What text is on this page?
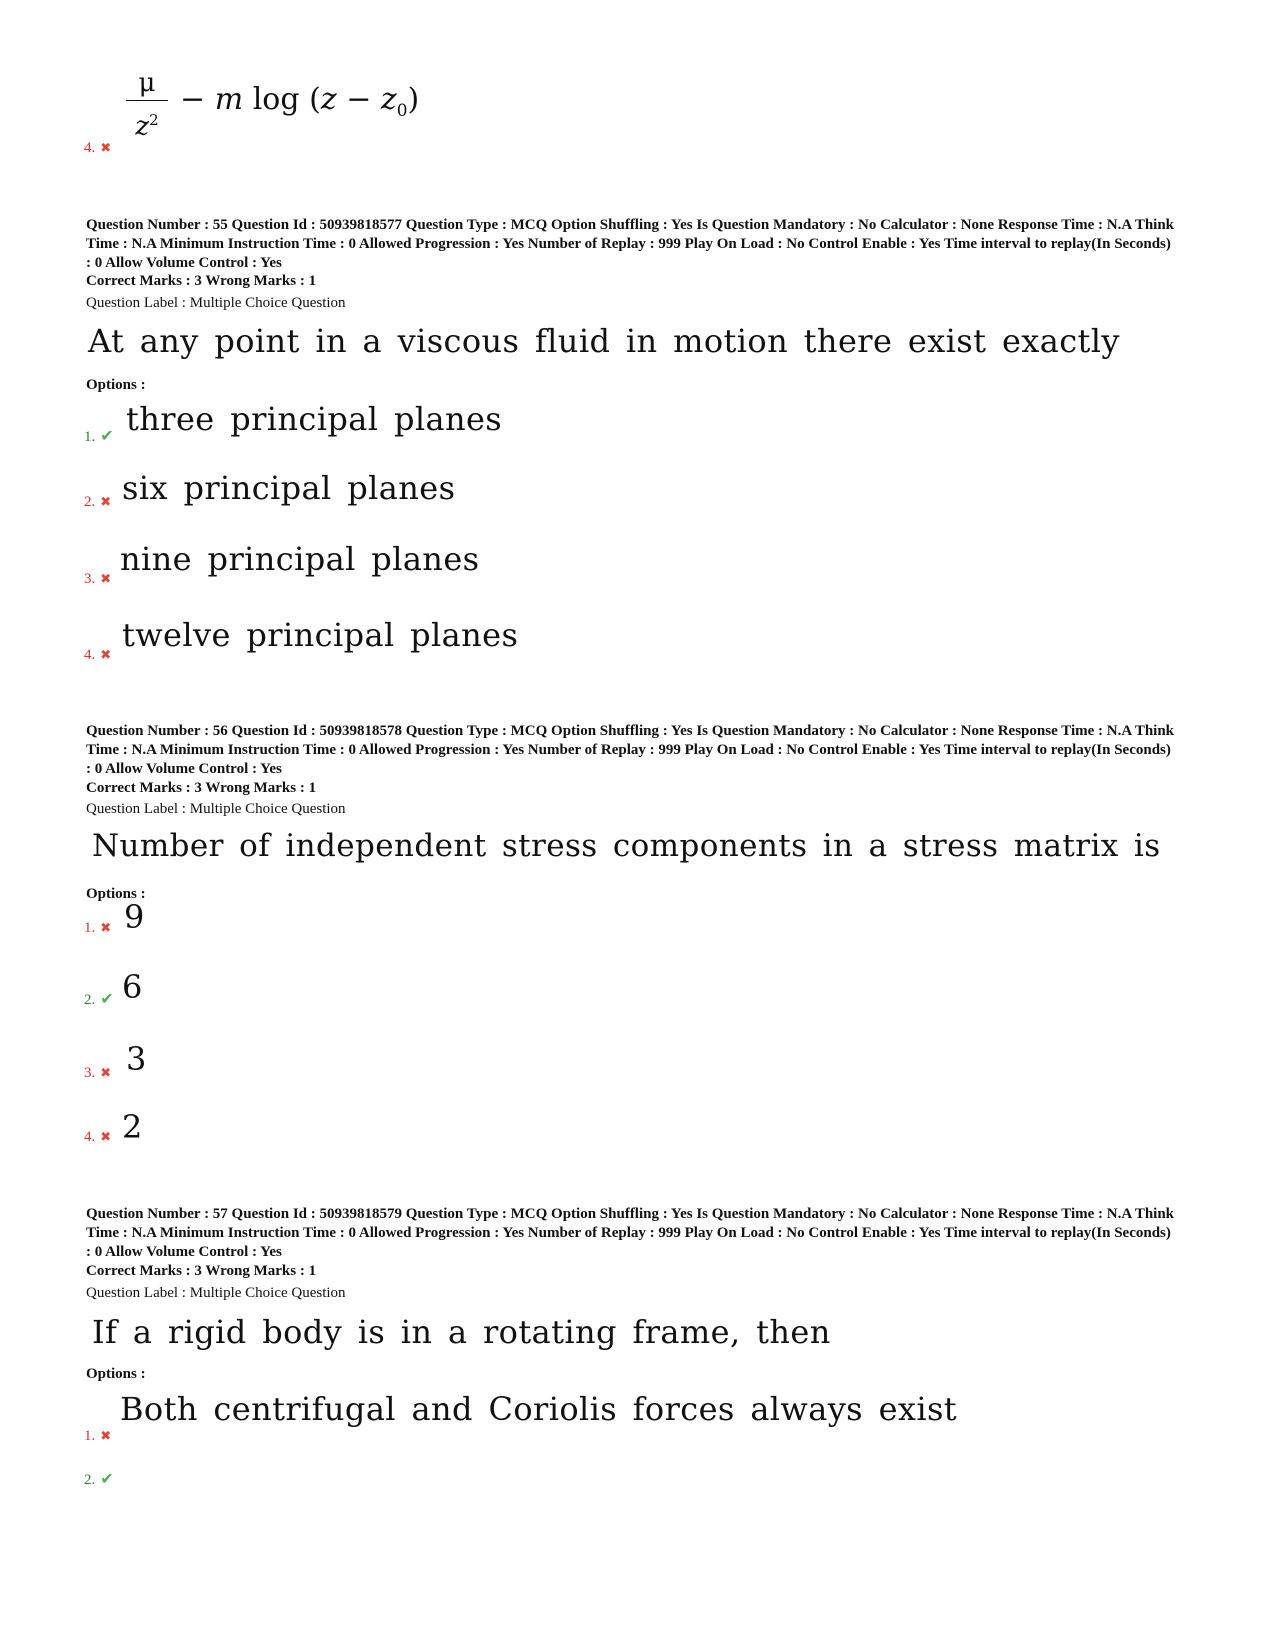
μ
$z^2$
− m $\log (z - z_0)$
4. ✖
Question Number : 55 Question Id : 50939818577 Question Type : MCQ Option Shuffling : Yes Is Question Mandatory : No Calculator : None Response Time : N.A Think Time : N.A Minimum Instruction Time : 0 Allowed Progression : Yes Number of Replay : 999 Play On Load : No Control Enable : Yes Time interval to replay(In Seconds) : 0 Allow Volume Control : Yes
Correct Marks : 3 Wrong Marks : 1
Question Label : Multiple Choice Question
At any point in a viscous fluid in motion there exist exactly
Options :
three principal planes
1. ✔
six principal planes
2. ✖
nine principal planes
3. ✖
twelve principal planes
4. ✖
Question Number : 56 Question Id : 50939818578 Question Type : MCQ Option Shuffling : Yes Is Question Mandatory : No Calculator : None Response Time : N.A Think Time : N.A Minimum Instruction Time : 0 Allowed Progression : Yes Number of Replay : 999 Play On Load : No Control Enable : Yes Time interval to replay(In Seconds) : 0 Allow Volume Control : Yes
Correct Marks : 3 Wrong Marks : 1
Question Label : Multiple Choice Question
Number of independent stress components in a stress matrix is
Options :
9
1. ✖
6
2. ✔
3
3. ✖
2
4. ✖
Question Number : 57 Question Id : 50939818579 Question Type : MCQ Option Shuffling : Yes Is Question Mandatory : No Calculator : None Response Time : N.A Think Time : N.A Minimum Instruction Time : 0 Allowed Progression : Yes Number of Replay : 999 Play On Load : No Control Enable : Yes Time interval to replay(In Seconds) : 0 Allow Volume Control : Yes
Correct Marks : 3 Wrong Marks : 1
Question Label : Multiple Choice Question
If a rigid body is in a rotating frame, then
Options :
Both centrifugal and Coriolis forces always exist
1. ✖
2. ✔
